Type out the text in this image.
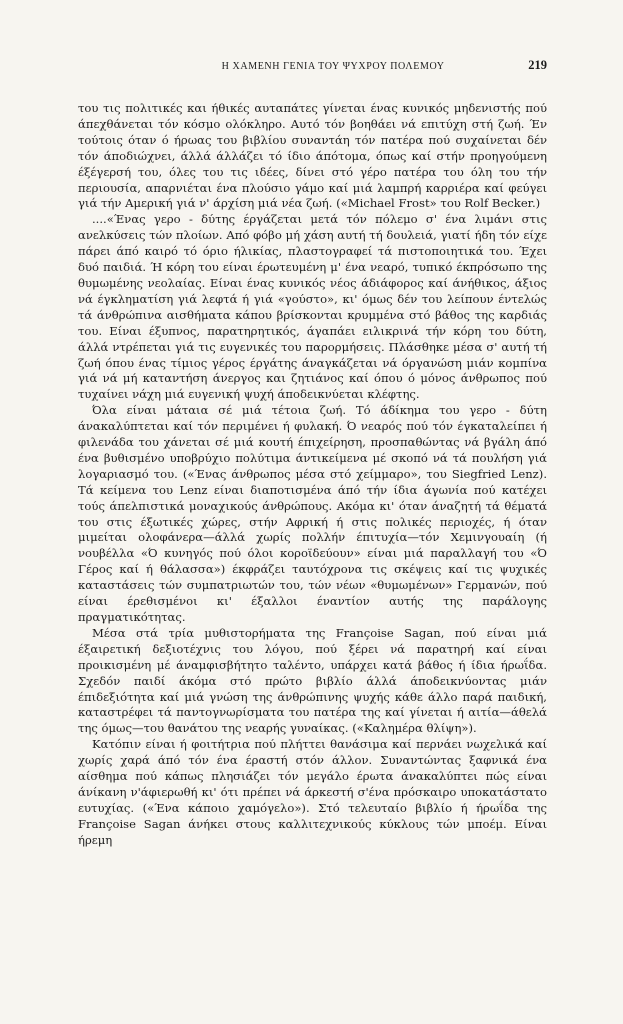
Η ΧΑΜΕΝΗ ΓΕΝΙΑ ΤΟΥ ΨΥΧΡΟΥ ΠΟΛΕΜΟΥ	219

του τις πολιτικές και ήθικές αυταπάτες γίνεται ένας κυνικός μηδενιστής πού άπεχθάνεται τόν κόσμο ολόκληρο. Αυτό τόν βοηθάει νά επιτύχη στή ζωή. Έν τούτοις όταν ό ήρωας του βιβλίου συναντάη τόν πατέρα πού συχαίνεται δέν τόν άποδιώχνει, άλλά άλλάζει τό ίδιο άπότομα, όπως καί στήν προηγούμενη έξέγερσή του, όλες του τις ιδέες, δίνει στό γέρο πατέρα του όλη του τήν περιουσία, απαρνιέται ένα πλούσιο γάμο καί μιά λαμπρή καρριέρα καί φεύγει γιά τήν Αμερική γιά ν' άρχίση μιά νέα ζωή. («Michael Frost» του Rolf Becker.)

....«Ένας γερο - δύτης έργάζεται μετά τόν πόλεμο σ' ένα λιμάνι στις ανελκύσεις τών πλοίων. Από φόβο μή χάση αυτή τή δουλειά, γιατί ήδη τόν είχε πάρει άπό καιρό τό όριο ήλικίας, πλαστογραφεί τά πιστοποιητικά του. Έχει δυό παιδιά. Ή κόρη του είναι έρωτευμένη μ' ένα νεαρό, τυπικό έκπρόσωπο της θυμωμένης νεολαίας. Είναι ένας κυνικός νέος άδιάφορος καί άνήθικος, άξιος νά έγκληματίση γιά λεφτά ή γιά «γούστο», κι' όμως δέν του λείπουν έντελώς τά άνθρώπινα αισθήματα κάπου βρίσκονται κρυμμένα στό βάθος της καρδιάς του. Είναι έξυπνος, παρατηρητικός, άγαπάει ειλικρινά τήν κόρη του δύτη, άλλά ντρέπεται γιά τις ευγενικές του παρορμήσεις. Πλάσθηκε μέσα σ' αυτή τή ζωή όπου ένας τίμιος γέρος έργάτης άναγκάζεται νά όργανώση μιάν κομπίνα γιά νά μή καταντήση άνεργος και ζητιάνος καί όπου ό μόνος άνθρωπος πού τυχαίνει νάχη μιά ευγενική ψυχή άποδεικνύεται κλέφτης.

Όλα είναι μάταια σέ μιά τέτοια ζωή. Τό άδίκημα του γερο - δύτη άνακαλύπτεται καί τόν περιμένει ή φυλακή. Ό νεαρός πού τόν έγκαταλείπει ή φιλενάδα του χάνεται σέ μιά κουτή έπιχείρηση, προσπαθώντας νά βγάλη άπό ένα βυθισμένο υποβρύχιο πολύτιμα άντικείμενα μέ σκοπό νά τά πουλήση γιά λογαριασμό του. («Ένας άνθρωπος μέσα στό χείμμαρο», του Siegfried Lenz). Τά κείμενα του Lenz είναι διαποτισμένα άπό τήν ίδια άγωνία πού κατέχει τούς άπελπιστικά μοναχικούς άνθρώπους. Ακόμα κι' όταν άναζητή τά θέματά του στις έξωτικές χώρες, στήν Αφρική ή στις πολικές περιοχές, ή όταν μιμείται ολοφάνερα—άλλά χωρίς πολλήν έπιτυχία—τόν Χεμινγουαίη (ή νουβέλλα «Ό κυνηγός πού όλοι κοροϊδεύουν» είναι μιά παραλλαγή του «Ό Γέρος καί ή θάλασσα») έκφράζει ταυτόχρονα τις σκέψεις καί τις ψυχικές καταστάσεις τών συμπατριωτών του, τών νέων «θυμωμένων» Γερμανών, πού είναι έρεθισμένοι κι' έξαλλοι έναντίον αυτής της παράλογης πραγματικότητας.

Μέσα στά τρία μυθιστορήματα της Françoise Sagan, πού είναι μιά έξαιρετική δεξιοτέχνις του λόγου, πού ξέρει νά παρατηρή καί είναι προικισμένη μέ άναμφισβήτητο ταλέντο, υπάρχει κατά βάθος ή ίδια ήρωΐδα. Σχεδόν παιδί άκόμα στό πρώτο βιβλίο άλλά άποδεικνύοντας μιάν έπιδεξιότητα καί μιά γνώση της άνθρώπινης ψυχής κάθε άλλο παρά παιδική, καταστρέφει τά παντογνωρίσματα του πατέρα της καί γίνεται ή αιτία—άθελά της όμως—του θανάτου της νεαρής γυναίκας. («Καλημέρα θλίψη»).

Κατόπιν είναι ή φοιτήτρια πού πλήττει θανάσιμα καί περνάει νωχελικά καί χωρίς χαρά άπό τόν ένα έραστή στόν άλλον. Συναντώντας ξαφνικά ένα αίσθημα πού κάπως πλησιάζει τόν μεγάλο έρωτα άνακαλύπτει πώς είναι άνίκανη ν'άφιερωθή κι' ότι πρέπει νά άρκεστή σ'ένα πρόσκαιρο υποκατάστατο ευτυχίας. («Ένα κάποιο χαμόγελο»). Στό τελευταίο βιβλίο ή ήρωΐδα της Françoise Sagan άνήκει στους καλλιτεχνικούς κύκλους τών μποέμ. Είναι ήρεμη
